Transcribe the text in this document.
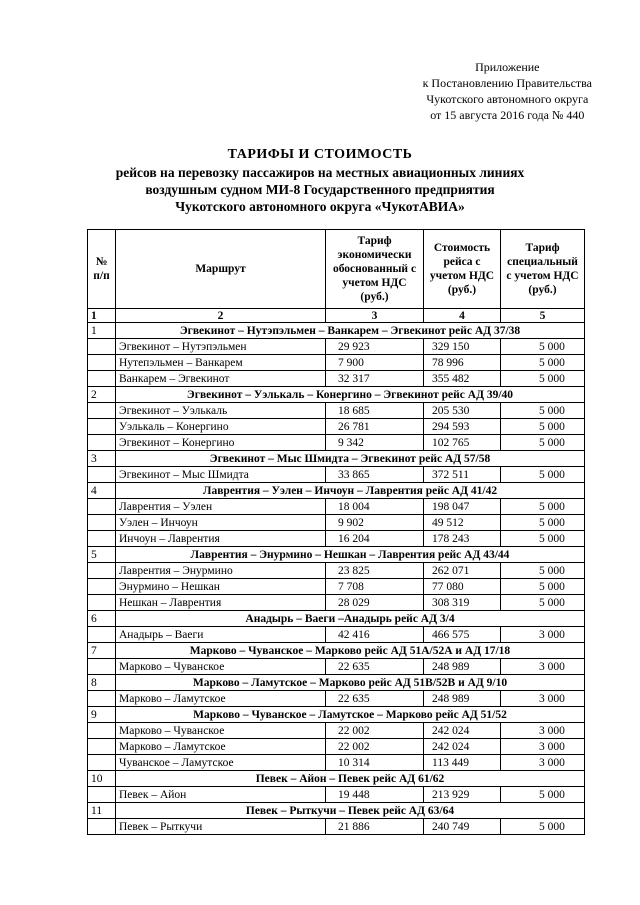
Приложение
к Постановлению Правительства
Чукотского автономного округа
от 15 августа 2016 года № 440
ТАРИФЫ И СТОИМОСТЬ
рейсов на перевозку пассажиров на местных авиационных линиях
воздушным судном МИ-8 Государственного предприятия
Чукотского автономного округа «ЧукотАВИА»
№ п/п	Маршрут	Тариф экономически обоснованный с учетом НДС (руб.)	Стоимость рейса с учетом НДС (руб.)	Тариф специальный с учетом НДС (руб.)
1	2	3	4	5
1	Эгвекинот – Нутэпэльмен – Ванкарем – Эгвекинот рейс АД 37/38			
	Эгвекинот – Нутэпэльмен	29 923	329 150	5 000
	Нутепэльмен – Ванкарем	7 900	78 996	5 000
	Ванкарем – Эгвекинот	32 317	355 482	5 000
2	Эгвекинот – Уэлькаль – Конергино – Эгвекинот рейс АД 39/40			
	Эгвекинот – Уэлькаль	18 685	205 530	5 000
	Уэлькаль – Конергино	26 781	294 593	5 000
	Эгвекинот – Конергино	9 342	102 765	5 000
3	Эгвекинот – Мыс Шмидта – Эгвекинот рейс АД 57/58			
	Эгвекинот – Мыс Шмидта	33 865	372 511	5 000
4	Лаврентия – Уэлен – Инчоун – Лаврентия рейс АД 41/42			
	Лаврентия – Уэлен	18 004	198 047	5 000
	Уэлен – Инчоун	9 902	49 512	5 000
	Инчоун – Лаврентия	16 204	178 243	5 000
5	Лаврентия – Энурмино – Нешкан – Лаврентия рейс АД 43/44			
	Лаврентия – Энурмино	23 825	262 071	5 000
	Энурмино – Нешкан	7 708	77 080	5 000
	Нешкан – Лаврентия	28 029	308 319	5 000
6	Анадырь – Ваеги –Анадырь рейс АД 3/4			
	Анадырь – Ваеги	42 416	466 575	3 000
7	Марково – Чуванское – Марково рейс АД 51А/52А и АД 17/18			
	Марково – Чуванское	22 635	248 989	3 000
8	Марково – Ламутское – Марково рейс АД 51В/52В и АД 9/10			
	Марково – Ламутское	22 635	248 989	3 000
9	Марково – Чуванское – Ламутское – Марково рейс АД 51/52			
	Марково – Чуванское	22 002	242 024	3 000
	Марково – Ламутское	22 002	242 024	3 000
	Чуванское – Ламутское	10 314	113 449	3 000
10	Певек – Айон – Певек рейс АД 61/62			
	Певек – Айон	19 448	213 929	5 000
11	Певек – Рыткучи – Певек рейс АД 63/64			
	Певек – Рыткучи	21 886	240 749	5 000
